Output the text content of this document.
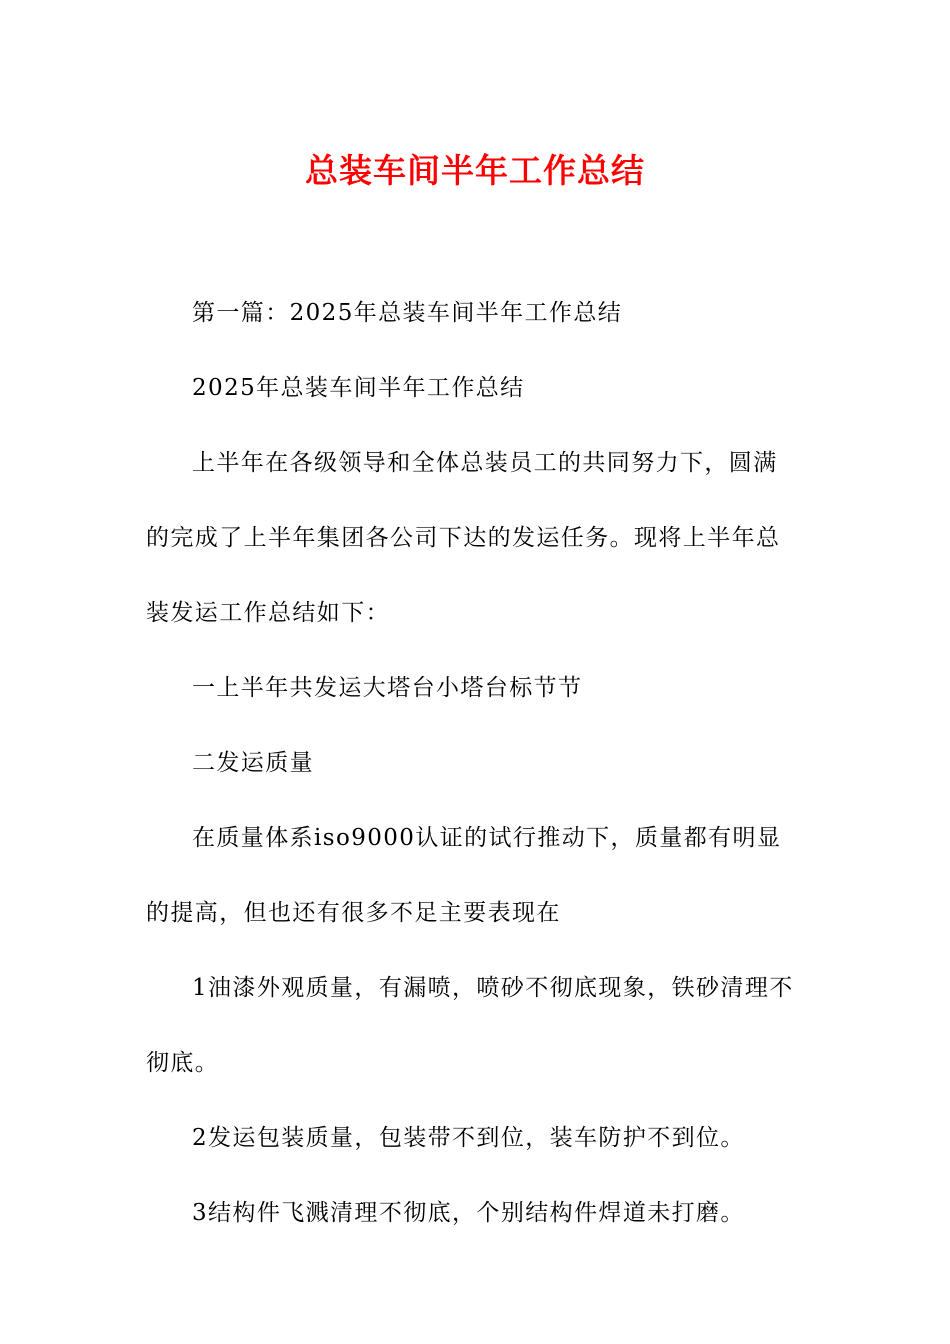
总装车间半年工作总结

第一篇：2025年总装车间半年工作总结

2025年总装车间半年工作总结

上半年在各级领导和全体总装员工的共同努力下，圆满的完成了上半年集团各公司下达的发运任务。现将上半年总装发运工作总结如下：

一上半年共发运大塔台小塔台标节节

二发运质量

在质量体系iso9000认证的试行推动下，质量都有明显的提高，但也还有很多不足主要表现在

1油漆外观质量，有漏喷，喷砂不彻底现象，铁砂清理不彻底。

2发运包装质量，包装带不到位，装车防护不到位。

3结构件飞溅清理不彻底，个别结构件焊道未打磨。
